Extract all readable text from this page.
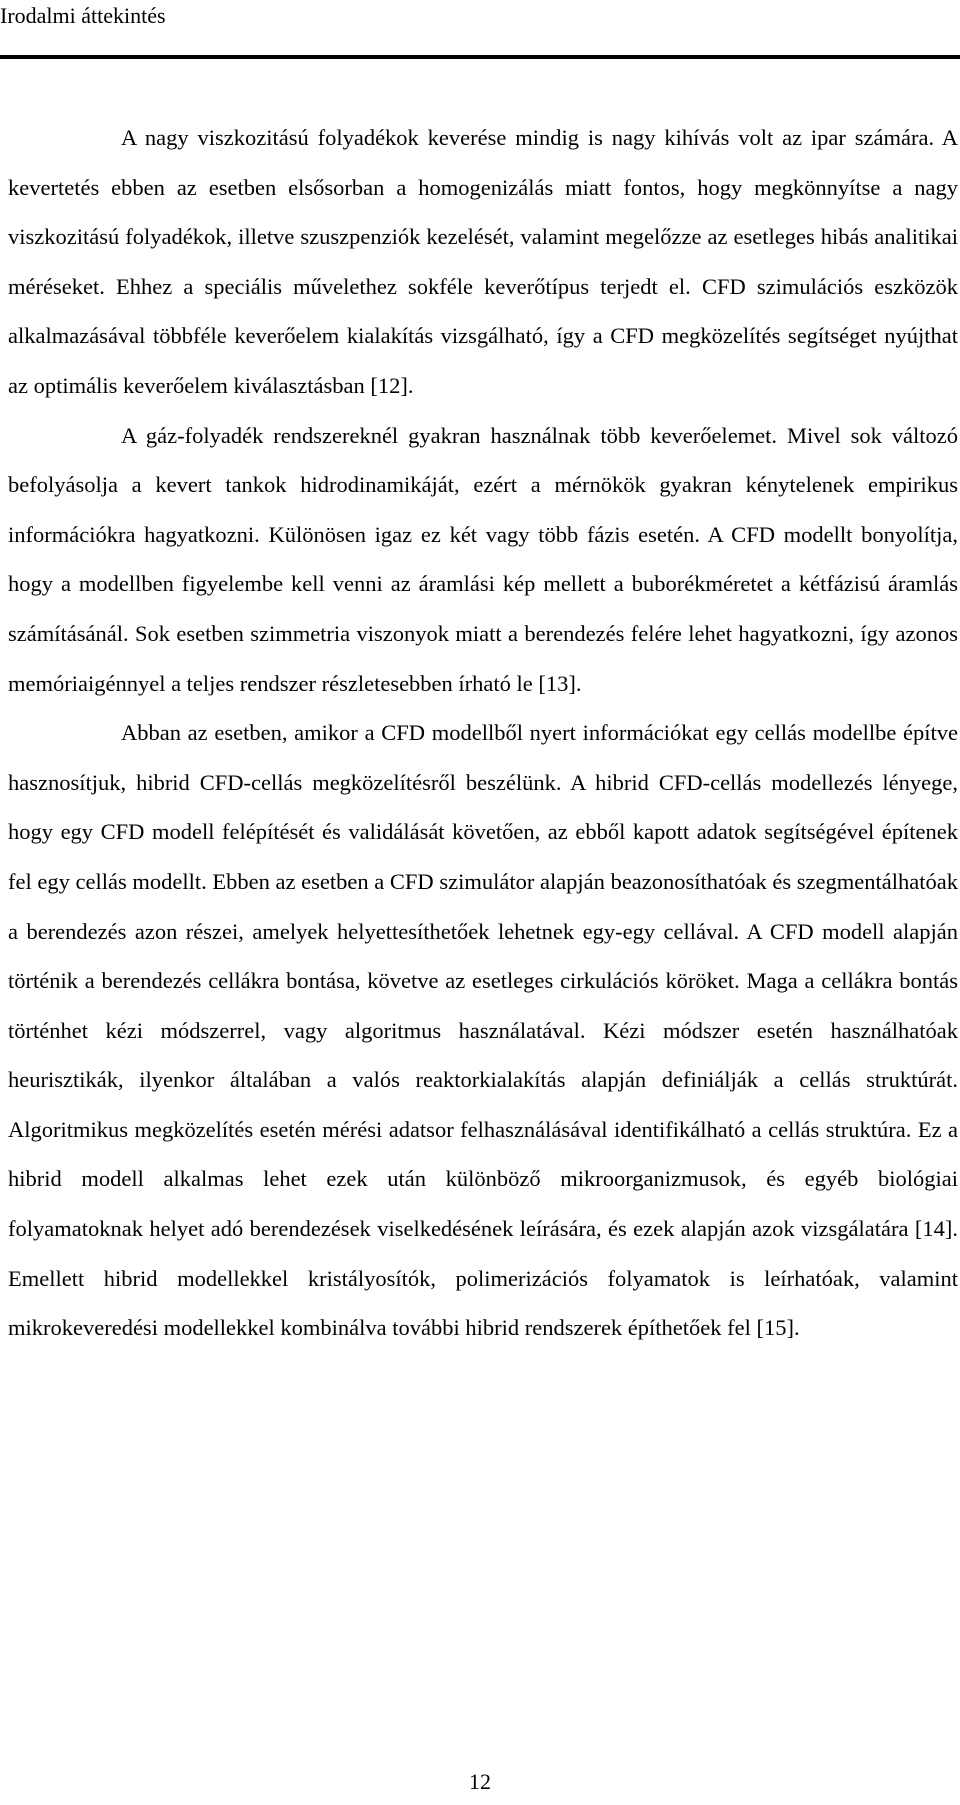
Irodalmi áttekintés

A nagy viszkozitású folyadékok keverése mindig is nagy kihívás volt az ipar számára. A kevertetés ebben az esetben elsősorban a homogenizálás miatt fontos, hogy megkönnyítse a nagy viszkozitású folyadékok, illetve szuszpenziók kezelését, valamint megelőzze az esetleges hibás analitikai méréseket. Ehhez a speciális művelethez sokféle keverőtípus terjedt el. CFD szimulációs eszközök alkalmazásával többféle keverőelem kialakítás vizsgálható, így a CFD megközelítés segítséget nyújthat az optimális keverőelem kiválasztásban [12].

A gáz-folyadék rendszereknél gyakran használnak több keverőelemet. Mivel sok változó befolyásolja a kevert tankok hidrodinamikáját, ezért a mérnökök gyakran kénytelenek empirikus információkra hagyatkozni. Különösen igaz ez két vagy több fázis esetén. A CFD modellt bonyolítja, hogy a modellben figyelembe kell venni az áramlási kép mellett a buborékméretet a kétfázisú áramlás számításánál. Sok esetben szimmetria viszonyok miatt a berendezés felére lehet hagyatkozni, így azonos memóriaigénnyel a teljes rendszer részletesebben írható le [13].

Abban az esetben, amikor a CFD modellből nyert információkat egy cellás modellbe építve hasznosítjuk, hibrid CFD-cellás megközelítésről beszélünk. A hibrid CFD-cellás modellezés lényege, hogy egy CFD modell felépítését és validálását követően, az ebből kapott adatok segítségével építenek fel egy cellás modellt. Ebben az esetben a CFD szimulátor alapján beazonosíthatóak és szegmentálhatóak a berendezés azon részei, amelyek helyettesíthetőek lehetnek egy-egy cellával. A CFD modell alapján történik a berendezés cellákra bontása, követve az esetleges cirkulációs köröket. Maga a cellákra bontás történhet kézi módszerrel, vagy algoritmus használatával. Kézi módszer esetén használhatóak heurisztikák, ilyenkor általában a valós reaktorkialakítás alapján definiálják a cellás struktúrát. Algoritmikus megközelítés esetén mérési adatsor felhasználásával identifikálható a cellás struktúra. Ez a hibrid modell alkalmas lehet ezek után különböző mikroorganizmusok, és egyéb biológiai folyamatoknak helyet adó berendezések viselkedésének leírására, és ezek alapján azok vizsgálatára [14]. Emellett hibrid modellekkel kristályosítók, polimerizációs folyamatok is leírhatóak, valamint mikrokeveredési modellekkel kombinálva további hibrid rendszerek építhetőek fel [15].

12
